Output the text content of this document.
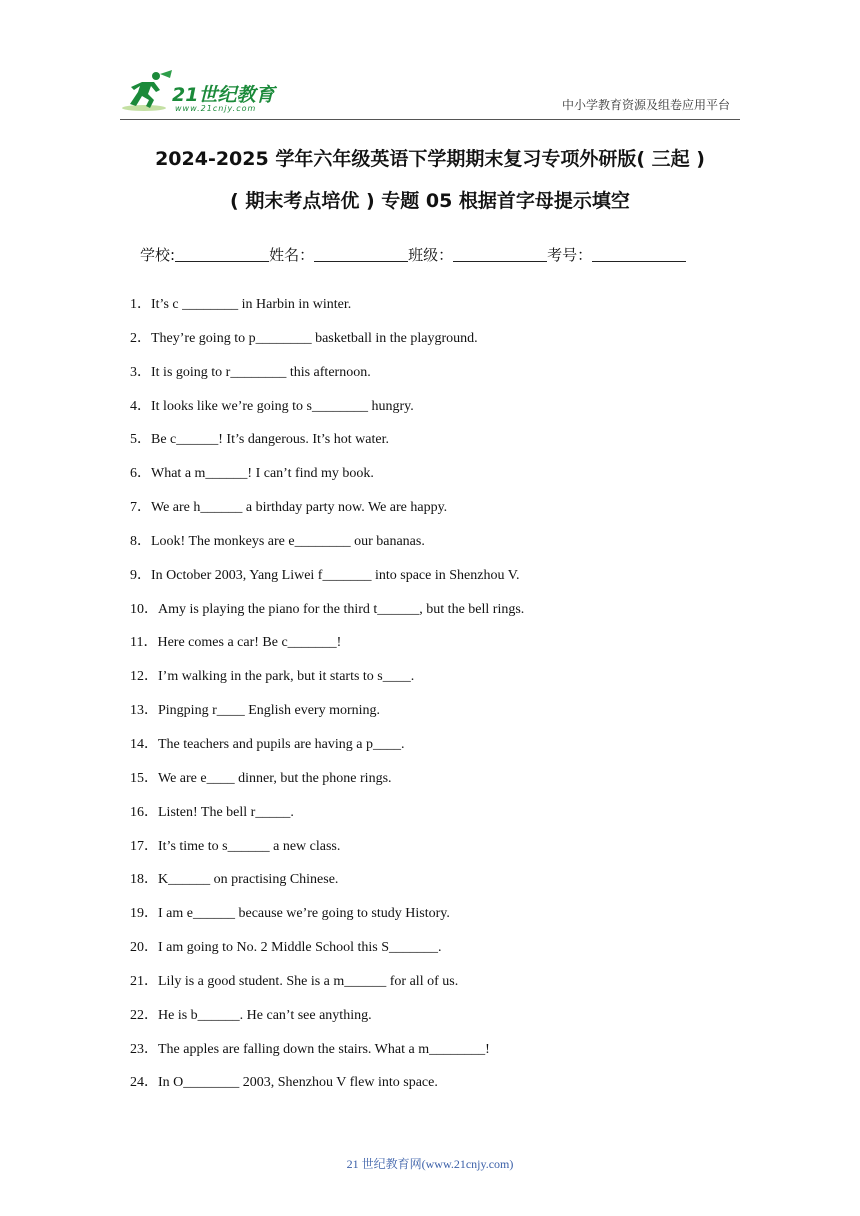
21世纪教育
www.21cnjy.com	中小学教育资源及组卷应用平台
2024-2025 学年六年级英语下学期期末复习专项外研版( 三起 )
( 期末考点培优 ) 专题 05 根据首字母提示填空
学校:	姓名：	班级：	考号：
1．It’s c ________ in Harbin in winter.
2．They’re going to p________ basketball in the playground.
3．It is going to r________ this afternoon.
4．It looks like we’re going to s________ hungry.
5．Be c______! It’s dangerous. It’s hot water.
6．What a m______! I can’t find my book.
7．We are h______ a birthday party now. We are happy.
8．Look! The monkeys are e________ our bananas.
9．In October 2003, Yang Liwei f_______ into space in Shenzhou V.
10．Amy is playing the piano for the third t______, but the bell rings.
11．Here comes a car! Be c_______!
12．I’m walking in the park, but it starts to s____.
13．Pingping r____ English every morning.
14．The teachers and pupils are having a p____.
15．We are e____ dinner, but the phone rings.
16．Listen! The bell r_____.
17．It’s time to s______ a new class.
18．K______ on practising Chinese.
19．I am e______ because we’re going to study History.
20．I am going to No. 2 Middle School this S_______.
21．Lily is a good student. She is a m______ for all of us.
22．He is b______. He can’t see anything.
23．The apples are falling down the stairs. What a m________!
24．In O________ 2003, Shenzhou V flew into space.
21 世纪教育网(www.21cnjy.com)
